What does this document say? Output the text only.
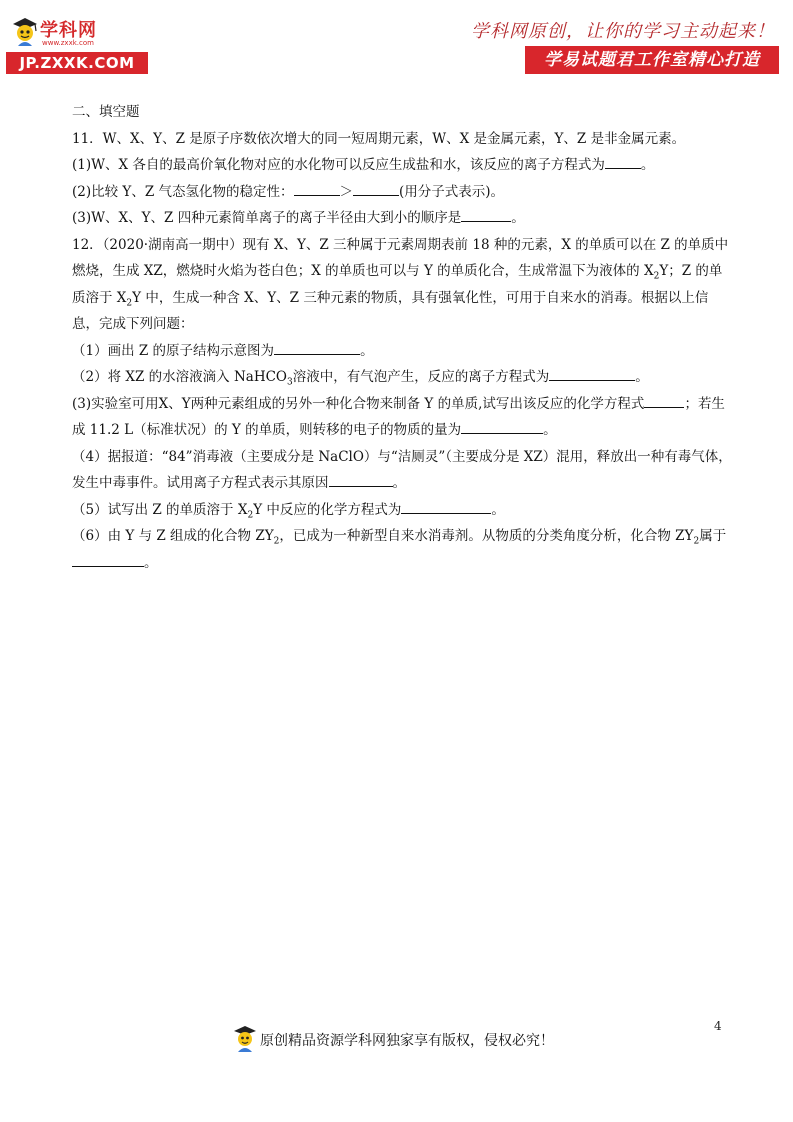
学科网
www.zxxk.com
JP.ZXXK.COM
学科网原创，让你的学习主动起来！
学易试题君工作室精心打造

二、填空题

11．W、X、Y、Z 是原子序数依次增大的同一短周期元素，W、X 是金属元素，Y、Z 是非金属元素。

(1)W、X 各自的最高价氧化物对应的水化物可以反应生成盐和水，该反应的离子方程式为	。

(2)比较 Y、Z 气态氢化物的稳定性：	＞	(用分子式表示)。

(3)W、X、Y、Z 四种元素简单离子的离子半径由大到小的顺序是	。

12．（2020·湖南高一期中）现有 X、Y、Z 三种属于元素周期表前 18 种的元素，X 的单质可以在 Z 的单质中燃烧，生成 XZ，燃烧时火焰为苍白色；X 的单质也可以与 Y 的单质化合，生成常温下为液体的 $X_2Y$；Z 的单质溶于 $X_2Y$ 中，生成一种含 X、Y、Z 三种元素的物质，具有强氧化性，可用于自来水的消毒。根据以上信息，完成下列问题：

（1）画出 Z 的原子结构示意图为	。

（2）将 XZ 的水溶液滴入 NaHCO$_3$溶液中，有气泡产生，反应的离子方程式为	。

(3)实验室可用X、Y两种元素组成的另外一种化合物来制备 Y 的单质,试写出该反应的化学方程式	；若生成 11.2 L（标准状况）的 Y 的单质，则转移的电子的物质的量为	。

（4）据报道：“84”消毒液（主要成分是 NaClO）与“洁厕灵”（主要成分是 XZ）混用，释放出一种有毒气体，发生中毒事件。试用离子方程式表示其原因	。

（5）试写出 Z 的单质溶于 $X_2Y$ 中反应的化学方程式为	。

（6）由 Y 与 Z 组成的化合物 $ZY_2$，已成为一种新型自来水消毒剂。从物质的分类角度分析，化合物 $ZY_2$属于。

4
原创精品资源学科网独家享有版权，侵权必究！
